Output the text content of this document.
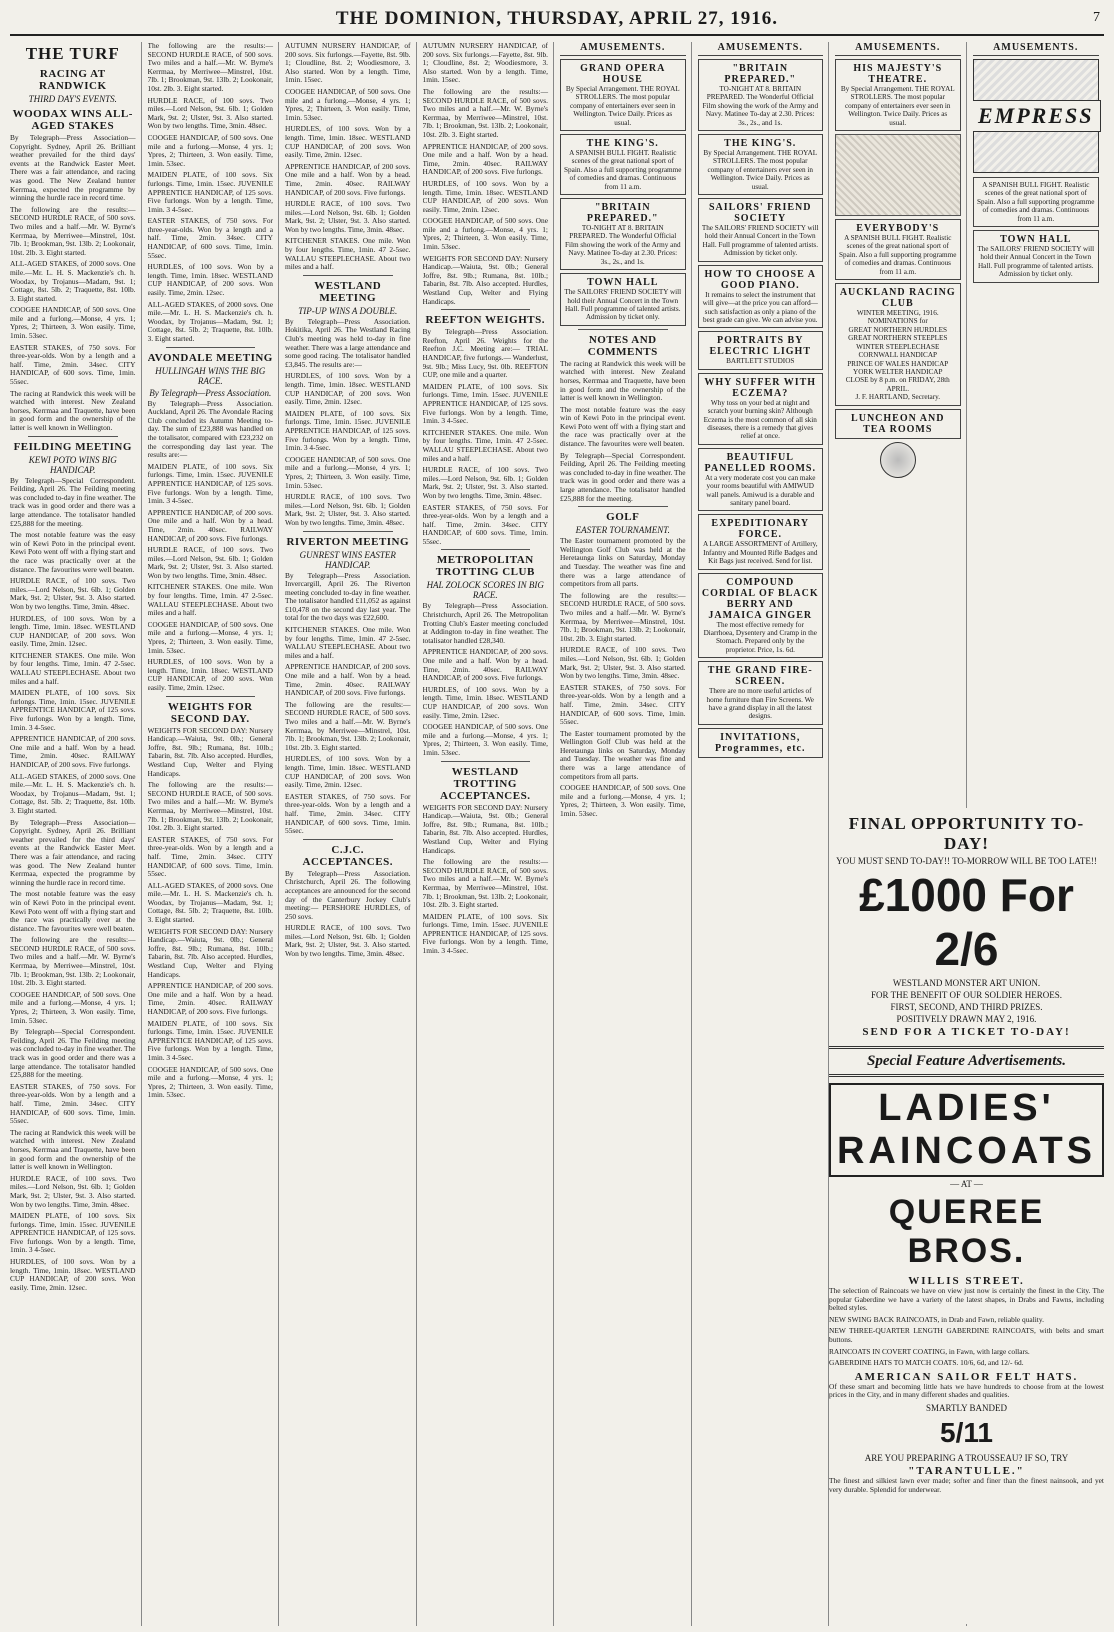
THE DOMINION, THURSDAY, APRIL 27, 1916.	7
THE TURF
RACING AT RANDWICK
THIRD DAY'S EVENTS.
WOODAX WINS ALL-AGED STAKES

By Telegraph—Press Association—Copyright. Sydney, April 26. Brilliant weather prevailed for the third days' events at the Randwick Easter Meet. There was a fair attendance, and racing was good. The New Zealand hunter Kerrmaa, expected the programme by winning the hurdle race in record time.

The following are the results:— SECOND HURDLE RACE, of 500 sovs. Two miles and a half.—Mr. W. Byrne's Kerrmaa, by Merriwee—Minstrel, 10st. 7lb. 1; Brookman, 9st. 13lb. 2; Lookonair, 10st. 2lb. 3. Eight started.

ALL-AGED STAKES, of 2000 sovs. One mile.—Mr. L. H. S. Mackenzie's ch. h. Woodax, by Trojanus—Madam, 9st. 1; Cottage, 8st. 5lb. 2; Traquette, 8st. 10lb. 3. Eight started.

COOGEE HANDICAP, of 500 sovs. One mile and a furlong.—Monse, 4 yrs. 1; Ypres, 2; Thirteen, 3. Won easily. Time, 1min. 53sec.

EASTER STAKES, of 750 sovs. For three-year-olds. Won by a length and a half. Time, 2min. 34sec. CITY HANDICAP, of 600 sovs. Time, 1min. 55sec.

The racing at Randwick this week will be watched with interest. New Zealand horses, Kerrmaa and Traquette, have been in good form and the ownership of the latter is well known in Wellington.

FEILDING MEETING
KEWI POTO WINS BIG HANDICAP.

By Telegraph—Special Correspondent. Feilding, April 26. The Feilding meeting was concluded to-day in fine weather. The track was in good order and there was a large attendance. The totalisator handled £25,888 for the meeting.

The most notable feature was the easy win of Kewi Poto in the principal event. Kewi Poto went off with a flying start and the race was practically over at the distance. The favourites were well beaten.

HURDLE RACE, of 100 sovs. Two miles.—Lord Nelson, 9st. 6lb. 1; Golden Mark, 9st. 2; Ulster, 9st. 3. Also started. Won by two lengths. Time, 3min. 48sec.

HURDLES, of 100 sovs. Won by a length. Time, 1min. 18sec. WESTLAND CUP HANDICAP, of 200 sovs. Won easily. Time, 2min. 12sec.

KITCHENER STAKES. One mile. Won by four lengths. Time, 1min. 47 2-5sec. WALLAU STEEPLECHASE. About two miles and a half.

MAIDEN PLATE, of 100 sovs. Six furlongs. Time, 1min. 15sec. JUVENILE APPRENTICE HANDICAP, of 125 sovs. Five furlongs. Won by a length. Time, 1min. 3 4-5sec.

APPRENTICE HANDICAP, of 200 sovs. One mile and a half. Won by a head. Time, 2min. 40sec. RAILWAY HANDICAP, of 200 sovs. Five furlongs.

ALL-AGED STAKES, of 2000 sovs. One mile.—Mr. L. H. S. Mackenzie's ch. h. Woodax, by Trojanus—Madam, 9st. 1; Cottage, 8st. 5lb. 2; Traquette, 8st. 10lb. 3. Eight started.

By Telegraph—Press Association—Copyright. Sydney, April 26. Brilliant weather prevailed for the third days' events at the Randwick Easter Meet. There was a fair attendance, and racing was good. The New Zealand hunter Kerrmaa, expected the programme by winning the hurdle race in record time.

The most notable feature was the easy win of Kewi Poto in the principal event. Kewi Poto went off with a flying start and the race was practically over at the distance. The favourites were well beaten.

The following are the results:— SECOND HURDLE RACE, of 500 sovs. Two miles and a half.—Mr. W. Byrne's Kerrmaa, by Merriwee—Minstrel, 10st. 7lb. 1; Brookman, 9st. 13lb. 2; Lookonair, 10st. 2lb. 3. Eight started.

COOGEE HANDICAP, of 500 sovs. One mile and a furlong.—Monse, 4 yrs. 1; Ypres, 2; Thirteen, 3. Won easily. Time, 1min. 53sec.

By Telegraph—Special Correspondent. Feilding, April 26. The Feilding meeting was concluded to-day in fine weather. The track was in good order and there was a large attendance. The totalisator handled £25,888 for the meeting.

EASTER STAKES, of 750 sovs. For three-year-olds. Won by a length and a half. Time, 2min. 34sec. CITY HANDICAP, of 600 sovs. Time, 1min. 55sec.

The racing at Randwick this week will be watched with interest. New Zealand horses, Kerrmaa and Traquette, have been in good form and the ownership of the latter is well known in Wellington.

HURDLE RACE, of 100 sovs. Two miles.—Lord Nelson, 9st. 6lb. 1; Golden Mark, 9st. 2; Ulster, 9st. 3. Also started. Won by two lengths. Time, 3min. 48sec.

MAIDEN PLATE, of 100 sovs. Six furlongs. Time, 1min. 15sec. JUVENILE APPRENTICE HANDICAP, of 125 sovs. Five furlongs. Won by a length. Time, 1min. 3 4-5sec.

HURDLES, of 100 sovs. Won by a length. Time, 1min. 18sec. WESTLAND CUP HANDICAP, of 200 sovs. Won easily. Time, 2min. 12sec.

The following are the results:— SECOND HURDLE RACE, of 500 sovs. Two miles and a half.—Mr. W. Byrne's Kerrmaa, by Merriwee—Minstrel, 10st. 7lb. 1; Brookman, 9st. 13lb. 2; Lookonair, 10st. 2lb. 3. Eight started.

HURDLE RACE, of 100 sovs. Two miles.—Lord Nelson, 9st. 6lb. 1; Golden Mark, 9st. 2; Ulster, 9st. 3. Also started. Won by two lengths. Time, 3min. 48sec.

COOGEE HANDICAP, of 500 sovs. One mile and a furlong.—Monse, 4 yrs. 1; Ypres, 2; Thirteen, 3. Won easily. Time, 1min. 53sec.

MAIDEN PLATE, of 100 sovs. Six furlongs. Time, 1min. 15sec. JUVENILE APPRENTICE HANDICAP, of 125 sovs. Five furlongs. Won by a length. Time, 1min. 3 4-5sec.

EASTER STAKES, of 750 sovs. For three-year-olds. Won by a length and a half. Time, 2min. 34sec. CITY HANDICAP, of 600 sovs. Time, 1min. 55sec.

HURDLES, of 100 sovs. Won by a length. Time, 1min. 18sec. WESTLAND CUP HANDICAP, of 200 sovs. Won easily. Time, 2min. 12sec.

ALL-AGED STAKES, of 2000 sovs. One mile.—Mr. L. H. S. Mackenzie's ch. h. Woodax, by Trojanus—Madam, 9st. 1; Cottage, 8st. 5lb. 2; Traquette, 8st. 10lb. 3. Eight started.

AVONDALE MEETING
HULLINGAH WINS THE BIG RACE.
By Telegraph—Press Association.

By Telegraph—Press Association. Auckland, April 26. The Avondale Racing Club concluded its Autumn Meeting to-day. The sum of £23,888 was handled on the totalisator, compared with £23,232 on the corresponding day last year. The results are:—

MAIDEN PLATE, of 100 sovs. Six furlongs. Time, 1min. 15sec. JUVENILE APPRENTICE HANDICAP, of 125 sovs. Five furlongs. Won by a length. Time, 1min. 3 4-5sec.

APPRENTICE HANDICAP, of 200 sovs. One mile and a half. Won by a head. Time, 2min. 40sec. RAILWAY HANDICAP, of 200 sovs. Five furlongs.

HURDLE RACE, of 100 sovs. Two miles.—Lord Nelson, 9st. 6lb. 1; Golden Mark, 9st. 2; Ulster, 9st. 3. Also started. Won by two lengths. Time, 3min. 48sec.

KITCHENER STAKES. One mile. Won by four lengths. Time, 1min. 47 2-5sec. WALLAU STEEPLECHASE. About two miles and a half.

COOGEE HANDICAP, of 500 sovs. One mile and a furlong.—Monse, 4 yrs. 1; Ypres, 2; Thirteen, 3. Won easily. Time, 1min. 53sec.

HURDLES, of 100 sovs. Won by a length. Time, 1min. 18sec. WESTLAND CUP HANDICAP, of 200 sovs. Won easily. Time, 2min. 12sec.

WEIGHTS FOR SECOND DAY.

WEIGHTS FOR SECOND DAY: Nursery Handicap.—Waiuta, 9st. 0lb.; General Joffre, 8st. 9lb.; Rumana, 8st. 10lb.; Tabarin, 8st. 7lb. Also accepted. Hurdles, Westland Cup, Welter and Flying Handicaps.

The following are the results:— SECOND HURDLE RACE, of 500 sovs. Two miles and a half.—Mr. W. Byrne's Kerrmaa, by Merriwee—Minstrel, 10st. 7lb. 1; Brookman, 9st. 13lb. 2; Lookonair, 10st. 2lb. 3. Eight started.

EASTER STAKES, of 750 sovs. For three-year-olds. Won by a length and a half. Time, 2min. 34sec. CITY HANDICAP, of 600 sovs. Time, 1min. 55sec.

ALL-AGED STAKES, of 2000 sovs. One mile.—Mr. L. H. S. Mackenzie's ch. h. Woodax, by Trojanus—Madam, 9st. 1; Cottage, 8st. 5lb. 2; Traquette, 8st. 10lb. 3. Eight started.

WEIGHTS FOR SECOND DAY: Nursery Handicap.—Waiuta, 9st. 0lb.; General Joffre, 8st. 9lb.; Rumana, 8st. 10lb.; Tabarin, 8st. 7lb. Also accepted. Hurdles, Westland Cup, Welter and Flying Handicaps.

APPRENTICE HANDICAP, of 200 sovs. One mile and a half. Won by a head. Time, 2min. 40sec. RAILWAY HANDICAP, of 200 sovs. Five furlongs.

MAIDEN PLATE, of 100 sovs. Six furlongs. Time, 1min. 15sec. JUVENILE APPRENTICE HANDICAP, of 125 sovs. Five furlongs. Won by a length. Time, 1min. 3 4-5sec.

COOGEE HANDICAP, of 500 sovs. One mile and a furlong.—Monse, 4 yrs. 1; Ypres, 2; Thirteen, 3. Won easily. Time, 1min. 53sec.

AUTUMN NURSERY HANDICAP, of 200 sovs. Six furlongs.—Fayette, 8st. 9lb. 1; Cloudline, 8st. 2; Woodiesmore, 3. Also started. Won by a length. Time, 1min. 15sec.

COOGEE HANDICAP, of 500 sovs. One mile and a furlong.—Monse, 4 yrs. 1; Ypres, 2; Thirteen, 3. Won easily. Time, 1min. 53sec.

HURDLES, of 100 sovs. Won by a length. Time, 1min. 18sec. WESTLAND CUP HANDICAP, of 200 sovs. Won easily. Time, 2min. 12sec.

APPRENTICE HANDICAP, of 200 sovs. One mile and a half. Won by a head. Time, 2min. 40sec. RAILWAY HANDICAP, of 200 sovs. Five furlongs.

HURDLE RACE, of 100 sovs. Two miles.—Lord Nelson, 9st. 6lb. 1; Golden Mark, 9st. 2; Ulster, 9st. 3. Also started. Won by two lengths. Time, 3min. 48sec.

KITCHENER STAKES. One mile. Won by four lengths. Time, 1min. 47 2-5sec. WALLAU STEEPLECHASE. About two miles and a half.

WESTLAND MEETING
TIP-UP WINS A DOUBLE.

By Telegraph—Press Association. Hokitika, April 26. The Westland Racing Club's meeting was held to-day in fine weather. There was a large attendance and some good racing. The totalisator handled £3,845. The results are:—

HURDLES, of 100 sovs. Won by a length. Time, 1min. 18sec. WESTLAND CUP HANDICAP, of 200 sovs. Won easily. Time, 2min. 12sec.

MAIDEN PLATE, of 100 sovs. Six furlongs. Time, 1min. 15sec. JUVENILE APPRENTICE HANDICAP, of 125 sovs. Five furlongs. Won by a length. Time, 1min. 3 4-5sec.

COOGEE HANDICAP, of 500 sovs. One mile and a furlong.—Monse, 4 yrs. 1; Ypres, 2; Thirteen, 3. Won easily. Time, 1min. 53sec.

HURDLE RACE, of 100 sovs. Two miles.—Lord Nelson, 9st. 6lb. 1; Golden Mark, 9st. 2; Ulster, 9st. 3. Also started. Won by two lengths. Time, 3min. 48sec.

RIVERTON MEETING
GUNREST WINS EASTER HANDICAP.

By Telegraph—Press Association. Invercargill, April 26. The Riverton meeting concluded to-day in fine weather. The totalisator handled £11,052 as against £10,478 on the second day last year. The total for the two days was £22,600.

KITCHENER STAKES. One mile. Won by four lengths. Time, 1min. 47 2-5sec. WALLAU STEEPLECHASE. About two miles and a half.

APPRENTICE HANDICAP, of 200 sovs. One mile and a half. Won by a head. Time, 2min. 40sec. RAILWAY HANDICAP, of 200 sovs. Five furlongs.

The following are the results:— SECOND HURDLE RACE, of 500 sovs. Two miles and a half.—Mr. W. Byrne's Kerrmaa, by Merriwee—Minstrel, 10st. 7lb. 1; Brookman, 9st. 13lb. 2; Lookonair, 10st. 2lb. 3. Eight started.

HURDLES, of 100 sovs. Won by a length. Time, 1min. 18sec. WESTLAND CUP HANDICAP, of 200 sovs. Won easily. Time, 2min. 12sec.

EASTER STAKES, of 750 sovs. For three-year-olds. Won by a length and a half. Time, 2min. 34sec. CITY HANDICAP, of 600 sovs. Time, 1min. 55sec.

C.J.C. ACCEPTANCES.

By Telegraph—Press Association. Christchurch, April 26. The following acceptances are announced for the second day of the Canterbury Jockey Club's meeting:— PERSHORE HURDLES, of 250 sovs.

HURDLE RACE, of 100 sovs. Two miles.—Lord Nelson, 9st. 6lb. 1; Golden Mark, 9st. 2; Ulster, 9st. 3. Also started. Won by two lengths. Time, 3min. 48sec.

AUTUMN NURSERY HANDICAP, of 200 sovs. Six furlongs.—Fayette, 8st. 9lb. 1; Cloudline, 8st. 2; Woodiesmore, 3. Also started. Won by a length. Time, 1min. 15sec.

The following are the results:— SECOND HURDLE RACE, of 500 sovs. Two miles and a half.—Mr. W. Byrne's Kerrmaa, by Merriwee—Minstrel, 10st. 7lb. 1; Brookman, 9st. 13lb. 2; Lookonair, 10st. 2lb. 3. Eight started.

APPRENTICE HANDICAP, of 200 sovs. One mile and a half. Won by a head. Time, 2min. 40sec. RAILWAY HANDICAP, of 200 sovs. Five furlongs.

HURDLES, of 100 sovs. Won by a length. Time, 1min. 18sec. WESTLAND CUP HANDICAP, of 200 sovs. Won easily. Time, 2min. 12sec.

COOGEE HANDICAP, of 500 sovs. One mile and a furlong.—Monse, 4 yrs. 1; Ypres, 2; Thirteen, 3. Won easily. Time, 1min. 53sec.

WEIGHTS FOR SECOND DAY: Nursery Handicap.—Waiuta, 9st. 0lb.; General Joffre, 8st. 9lb.; Rumana, 8st. 10lb.; Tabarin, 8st. 7lb. Also accepted. Hurdles, Westland Cup, Welter and Flying Handicaps.

REEFTON WEIGHTS.

By Telegraph—Press Association. Reefton, April 26. Weights for the Reefton J.C. Meeting are:— TRIAL HANDICAP, five furlongs.— Wanderlust, 9st. 9lb.; Miss Lucy, 9st. 0lb. REEFTON CUP, one mile and a quarter.

MAIDEN PLATE, of 100 sovs. Six furlongs. Time, 1min. 15sec. JUVENILE APPRENTICE HANDICAP, of 125 sovs. Five furlongs. Won by a length. Time, 1min. 3 4-5sec.

KITCHENER STAKES. One mile. Won by four lengths. Time, 1min. 47 2-5sec. WALLAU STEEPLECHASE. About two miles and a half.

HURDLE RACE, of 100 sovs. Two miles.—Lord Nelson, 9st. 6lb. 1; Golden Mark, 9st. 2; Ulster, 9st. 3. Also started. Won by two lengths. Time, 3min. 48sec.

EASTER STAKES, of 750 sovs. For three-year-olds. Won by a length and a half. Time, 2min. 34sec. CITY HANDICAP, of 600 sovs. Time, 1min. 55sec.

METROPOLITAN TROTTING CLUB
HAL ZOLOCK SCORES IN BIG RACE.

By Telegraph—Press Association. Christchurch, April 26. The Metropolitan Trotting Club's Easter meeting concluded at Addington to-day in fine weather. The totalisator handled £28,340.

APPRENTICE HANDICAP, of 200 sovs. One mile and a half. Won by a head. Time, 2min. 40sec. RAILWAY HANDICAP, of 200 sovs. Five furlongs.

HURDLES, of 100 sovs. Won by a length. Time, 1min. 18sec. WESTLAND CUP HANDICAP, of 200 sovs. Won easily. Time, 2min. 12sec.

COOGEE HANDICAP, of 500 sovs. One mile and a furlong.—Monse, 4 yrs. 1; Ypres, 2; Thirteen, 3. Won easily. Time, 1min. 53sec.

WESTLAND TROTTING ACCEPTANCES.

WEIGHTS FOR SECOND DAY: Nursery Handicap.—Waiuta, 9st. 0lb.; General Joffre, 8st. 9lb.; Rumana, 8st. 10lb.; Tabarin, 8st. 7lb. Also accepted. Hurdles, Westland Cup, Welter and Flying Handicaps.

The following are the results:— SECOND HURDLE RACE, of 500 sovs. Two miles and a half.—Mr. W. Byrne's Kerrmaa, by Merriwee—Minstrel, 10st. 7lb. 1; Brookman, 9st. 13lb. 2; Lookonair, 10st. 2lb. 3. Eight started.

MAIDEN PLATE, of 100 sovs. Six furlongs. Time, 1min. 15sec. JUVENILE APPRENTICE HANDICAP, of 125 sovs. Five furlongs. Won by a length. Time, 1min. 3 4-5sec.

AMUSEMENTS.
GRAND OPERA HOUSE
By Special Arrangement. THE ROYAL STROLLERS. The most popular company of entertainers ever seen in Wellington. Twice Daily. Prices as usual.
THE KING'S.
A SPANISH BULL FIGHT. Realistic scenes of the great national sport of Spain. Also a full supporting programme of comedies and dramas. Continuous from 11 a.m.
"BRITAIN PREPARED."
TO-NIGHT AT 8. BRITAIN PREPARED. The Wonderful Official Film showing the work of the Army and Navy. Matinee To-day at 2.30. Prices: 3s., 2s., and 1s.
TOWN HALL
The SAILORS' FRIEND SOCIETY will hold their Annual Concert in the Town Hall. Full programme of talented artists. Admission by ticket only.
NOTES AND COMMENTS

The racing at Randwick this week will be watched with interest. New Zealand horses, Kerrmaa and Traquette, have been in good form and the ownership of the latter is well known in Wellington.

The most notable feature was the easy win of Kewi Poto in the principal event. Kewi Poto went off with a flying start and the race was practically over at the distance. The favourites were well beaten.

By Telegraph—Special Correspondent. Feilding, April 26. The Feilding meeting was concluded to-day in fine weather. The track was in good order and there was a large attendance. The totalisator handled £25,888 for the meeting.

GOLF
EASTER TOURNAMENT.

The Easter tournament promoted by the Wellington Golf Club was held at the Heretaunga links on Saturday, Monday and Tuesday. The weather was fine and there was a large attendance of competitors from all parts.

The following are the results:— SECOND HURDLE RACE, of 500 sovs. Two miles and a half.—Mr. W. Byrne's Kerrmaa, by Merriwee—Minstrel, 10st. 7lb. 1; Brookman, 9st. 13lb. 2; Lookonair, 10st. 2lb. 3. Eight started.

HURDLE RACE, of 100 sovs. Two miles.—Lord Nelson, 9st. 6lb. 1; Golden Mark, 9st. 2; Ulster, 9st. 3. Also started. Won by two lengths. Time, 3min. 48sec.

EASTER STAKES, of 750 sovs. For three-year-olds. Won by a length and a half. Time, 2min. 34sec. CITY HANDICAP, of 600 sovs. Time, 1min. 55sec.

The Easter tournament promoted by the Wellington Golf Club was held at the Heretaunga links on Saturday, Monday and Tuesday. The weather was fine and there was a large attendance of competitors from all parts.

COOGEE HANDICAP, of 500 sovs. One mile and a furlong.—Monse, 4 yrs. 1; Ypres, 2; Thirteen, 3. Won easily. Time, 1min. 53sec.

AMUSEMENTS.
"BRITAIN PREPARED."
TO-NIGHT AT 8. BRITAIN PREPARED. The Wonderful Official Film showing the work of the Army and Navy. Matinee To-day at 2.30. Prices: 3s., 2s., and 1s.
THE KING'S.
By Special Arrangement. THE ROYAL STROLLERS. The most popular company of entertainers ever seen in Wellington. Twice Daily. Prices as usual.
SAILORS' FRIEND SOCIETY
The SAILORS' FRIEND SOCIETY will hold their Annual Concert in the Town Hall. Full programme of talented artists. Admission by ticket only.
HOW TO CHOOSE A GOOD PIANO.
It remains to select the instrument that will give—at the price you can afford—such satisfaction as only a piano of the best grade can give. We can advise you.
PORTRAITS BY ELECTRIC LIGHT
BARTLETT STUDIOS
WHY SUFFER WITH ECZEMA?
Why toss on your bed at night and scratch your burning skin? Although Eczema is the most common of all skin diseases, there is a remedy that gives relief at once.
BEAUTIFUL PANELLED ROOMS.
At a very moderate cost you can make your rooms beautiful with AMIWUD wall panels. Amiwud is a durable and sanitary panel board.
EXPEDITIONARY FORCE.
A LARGE ASSORTMENT of Artillery, Infantry and Mounted Rifle Badges and Kit Bags just received. Send for list.
COMPOUND CORDIAL OF BLACK BERRY AND JAMAICA GINGER
The most effective remedy for Diarrhoea, Dysentery and Cramp in the Stomach. Prepared only by the proprietor. Price, 1s. 6d.
THE GRAND FIRE-SCREEN.
There are no more useful articles of home furniture than Fire Screens. We have a grand display in all the latest designs.
INVITATIONS, Programmes, etc.
AMUSEMENTS.
HIS MAJESTY'S THEATRE.
By Special Arrangement. THE ROYAL STROLLERS. The most popular company of entertainers ever seen in Wellington. Twice Daily. Prices as usual.
EVERYBODY'S
A SPANISH BULL FIGHT. Realistic scenes of the great national sport of Spain. Also a full supporting programme of comedies and dramas. Continuous from 11 a.m.
AUCKLAND RACING CLUB
WINTER MEETING, 1916.
NOMINATIONS for
GREAT NORTHERN HURDLES
GREAT NORTHERN STEEPLES
WINTER STEEPLECHASE
CORNWALL HANDICAP
PRINCE OF WALES HANDICAP
YORK WELTER HANDICAP
CLOSE by 8 p.m. on FRIDAY, 28th APRIL.
J. F. HARTLAND, Secretary.
LUNCHEON AND TEA ROOMS
AMUSEMENTS.
EMPRESS
A SPANISH BULL FIGHT. Realistic scenes of the great national sport of Spain. Also a full supporting programme of comedies and dramas. Continuous from 11 a.m.
TOWN HALL
The SAILORS' FRIEND SOCIETY will hold their Annual Concert in the Town Hall. Full programme of talented artists. Admission by ticket only.
FINAL OPPORTUNITY TO-DAY!
YOU MUST SEND TO-DAY!! TO-MORROW WILL BE TOO LATE!!
£1000 For 2/6
WESTLAND MONSTER ART UNION.
FOR THE BENEFIT OF OUR SOLDIER HEROES.
FIRST, SECOND, AND THIRD PRIZES.
POSITIVELY DRAWN MAY 2, 1916.
SEND FOR A TICKET TO-DAY!
Special Feature Advertisements.
LADIES' RAINCOATS
— AT —
QUEREE BROS.
WILLIS STREET.

The selection of Raincoats we have on view just now is certainly the finest in the City. The popular Gaberdine we have a variety of the latest shapes, in Drabs and Fawns, including belted styles.

NEW SWING BACK RAINCOATS, in Drab and Fawn, reliable quality.

NEW THREE-QUARTER LENGTH GABERDINE RAINCOATS, with belts and smart buttons.

RAINCOATS IN COVERT COATING, in Fawn, with large collars.

GABERDINE HATS TO MATCH COATS. 10/6, 6d, and 12/- 6d.

AMERICAN SAILOR FELT HATS.

Of these smart and becoming little hats we have hundreds to choose from at the lowest prices in the City, and in many different shades and qualities.

SMARTLY BANDED
5/11
ARE YOU PREPARING A TROUSSEAU? IF SO, TRY
"TARANTULLE."

The finest and silkiest lawn ever made; softer and finer than the finest nainsook, and yet very durable. Splendid for underwear.
